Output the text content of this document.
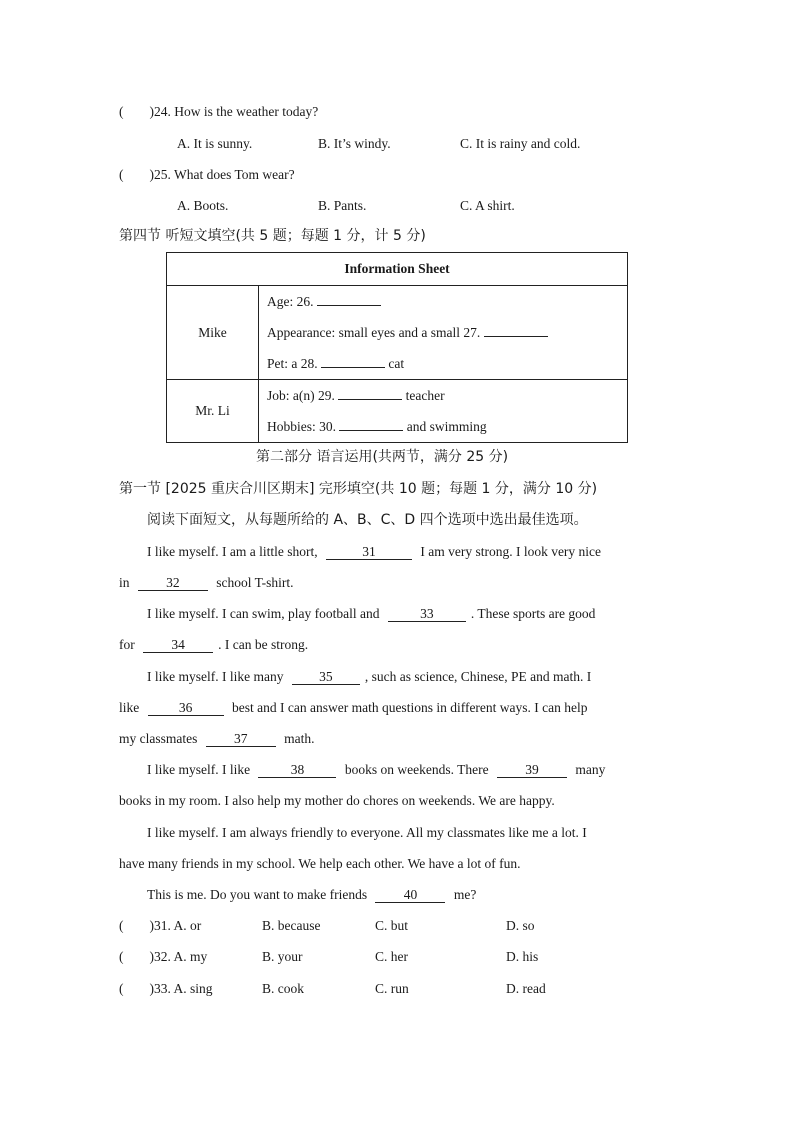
( )24. How is the weather today?
A. It is sunny.	B. It’s windy.	C. It is rainy and cold.
( )25. What does Tom wear?
A. Boots.	B. Pants.	C. A shirt.
第四节 听短文填空(共 5 题；每题 1 分，计 5 分)
Information Sheet	
Mike	Age: 26.
Appearance: small eyes and a small 27.
Pet: a 28. cat

Mr. Li	Job: a(n) 29. teacher
Hobbies: 30. and swimming
第二部分 语言运用(共两节，满分 25 分)
第一节 [2025 重庆合川区期末] 完形填空(共 10 题；每题 1 分，满分 10 分)
阅读下面短文，从每题所给的 A、B、C、D 四个选项中选出最佳选项。
I like myself. I am a little short,	31	I am very strong. I look very nice
in	32	school T-shirt.
I like myself. I can swim, play football and	33	. These sports are good
for	34 . I can be strong.
I like myself. I like many	35 , such as science, Chinese, PE and math. I
like	36	best and I can answer math questions in different ways. I can help
my classmates	37	math.
I like myself. I like	38	books on weekends. There	39	many
books in my room. I also help my mother do chores on weekends. We are happy.
I like myself. I am always friendly to everyone. All my classmates like me a lot. I
have many friends in my school. We help each other. We have a lot of fun.
This is me. Do you want to make friends	40	me?
( )31. A. or	B. because	C. but	D. so
( )32. A. my	B. your	C. her	D. his
( )33. A. sing	B. cook	C. run	D. read
